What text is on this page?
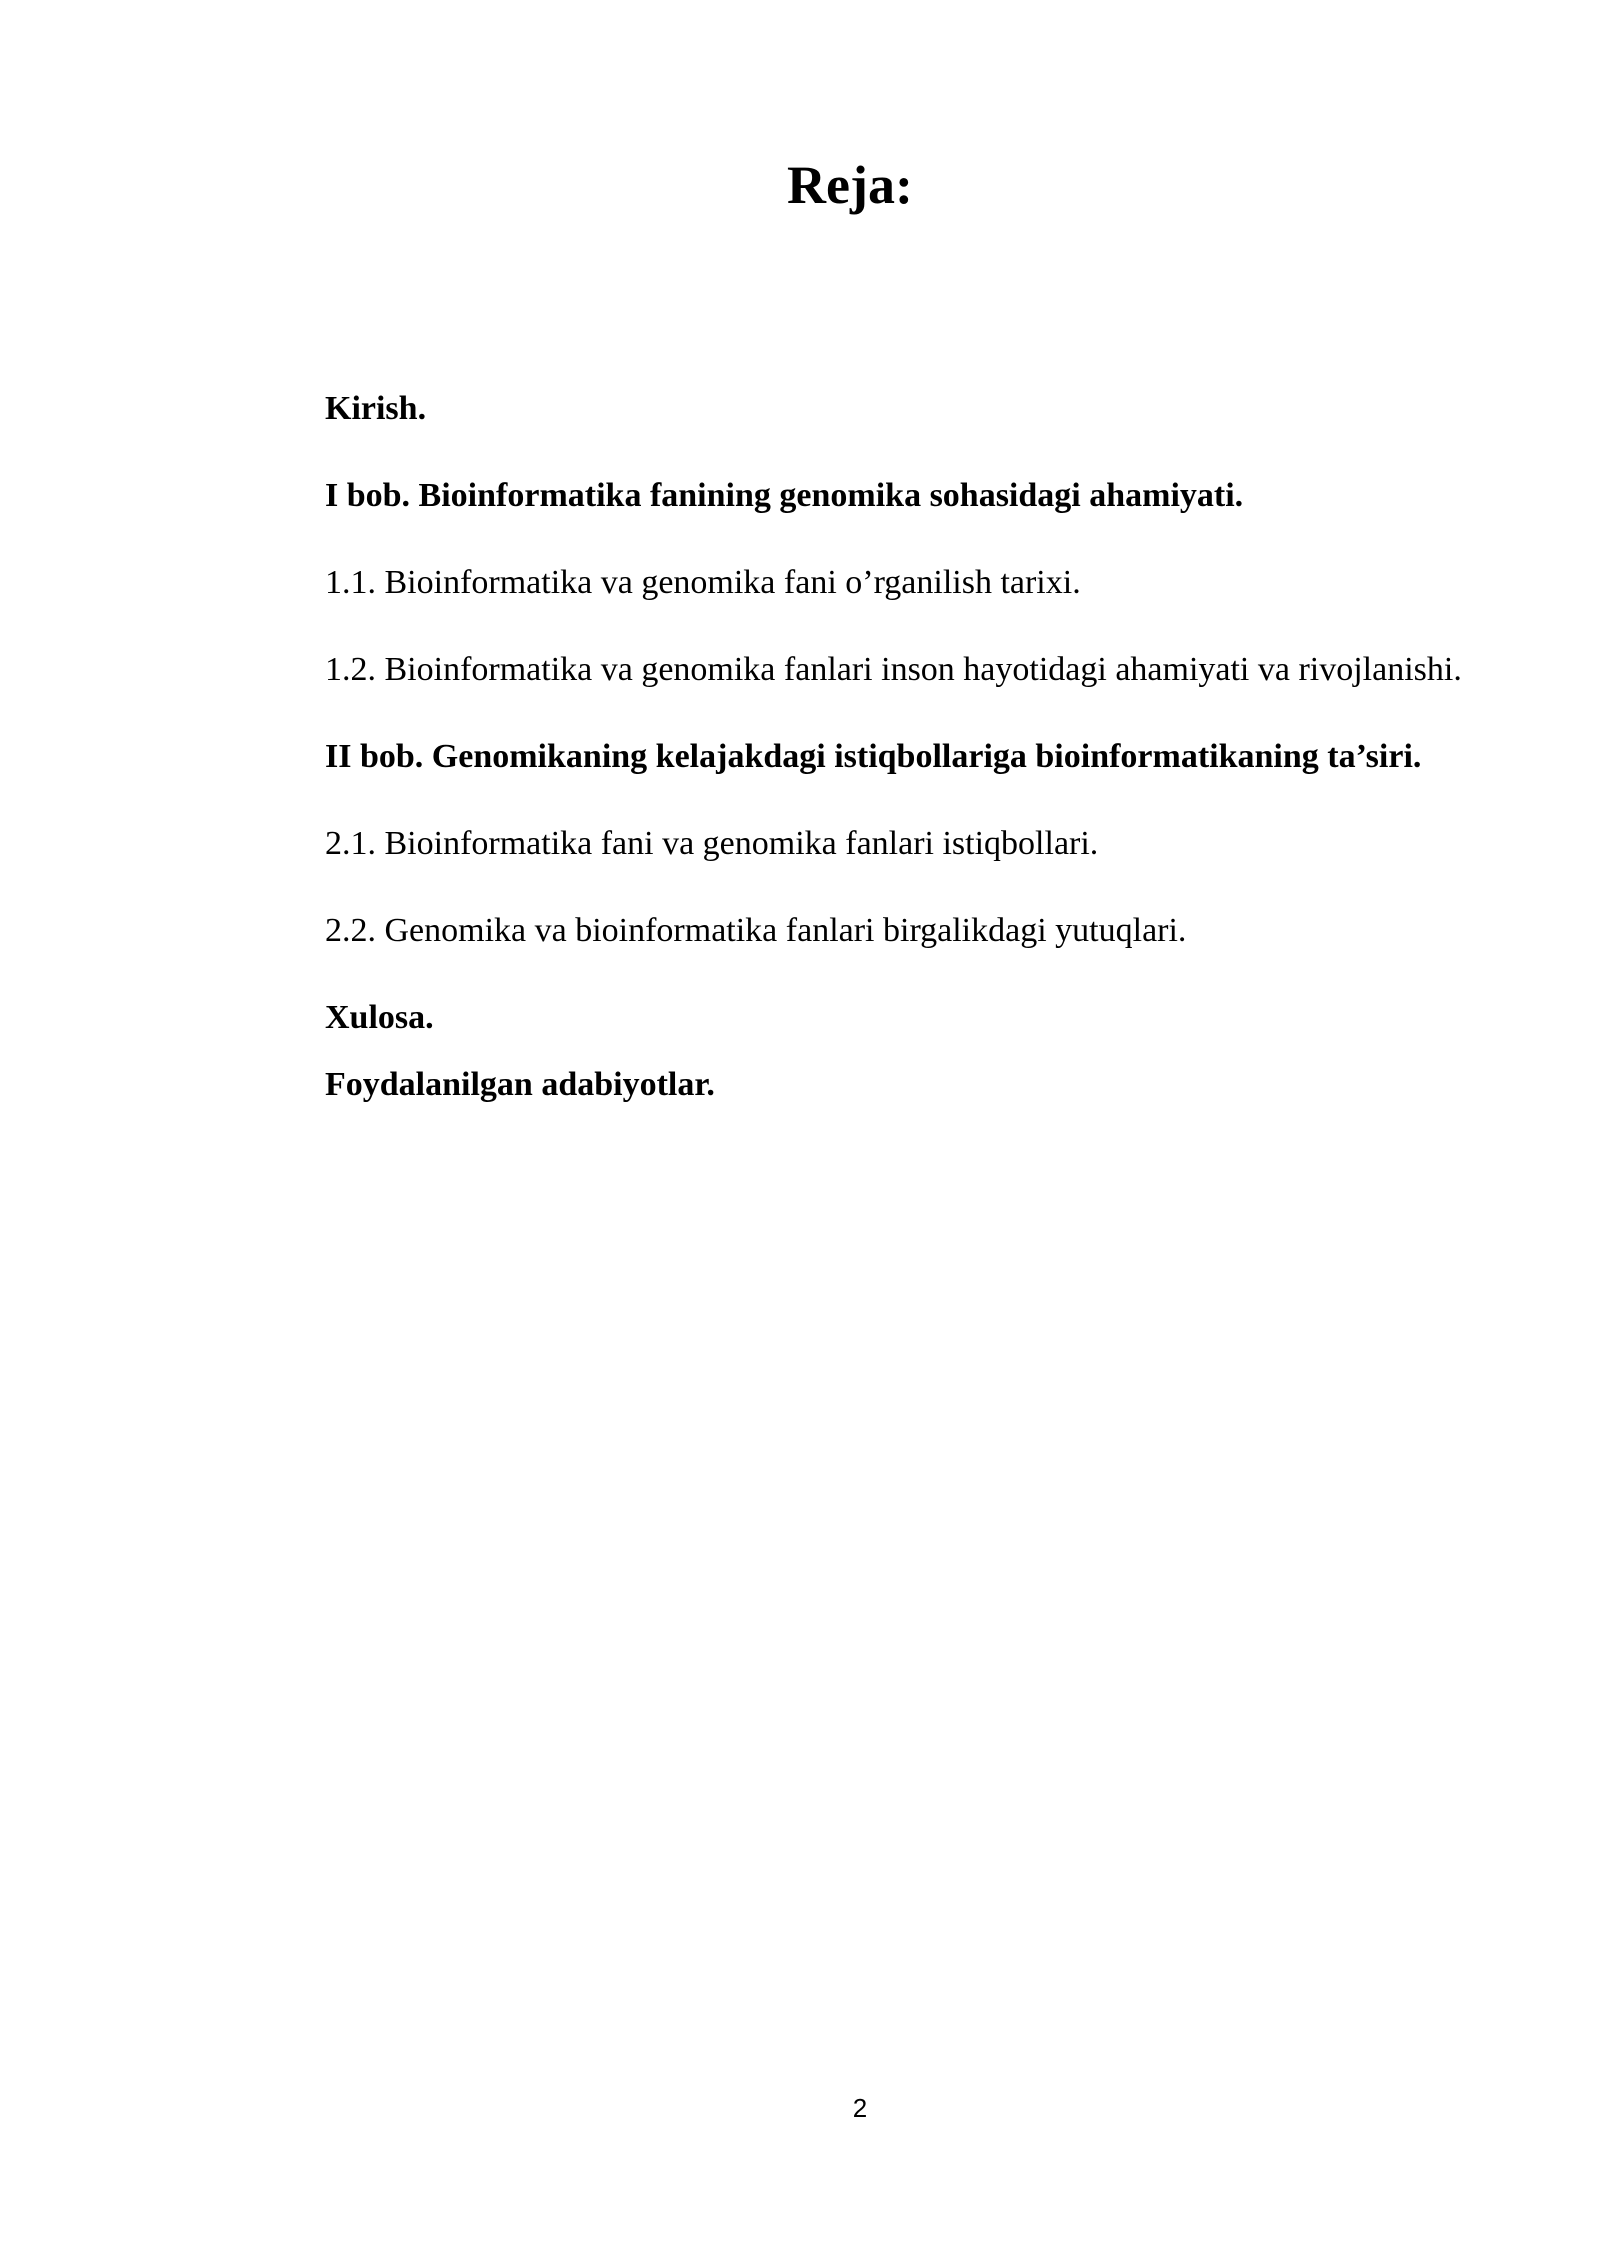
Reja:

Kirish.

I bob. Bioinformatika fanining genomika sohasidagi ahamiyati.

1.1. Bioinformatika va genomika fani o’rganilish tarixi.

1.2. Bioinformatika va genomika fanlari inson hayotidagi ahamiyati va rivojlanishi.

II bob. Genomikaning kelajakdagi istiqbollariga bioinformatikaning ta’siri.

2.1. Bioinformatika fani va genomika fanlari istiqbollari.

2.2. Genomika va bioinformatika fanlari birgalikdagi yutuqlari.

Xulosa.

Foydalanilgan adabiyotlar.

2
